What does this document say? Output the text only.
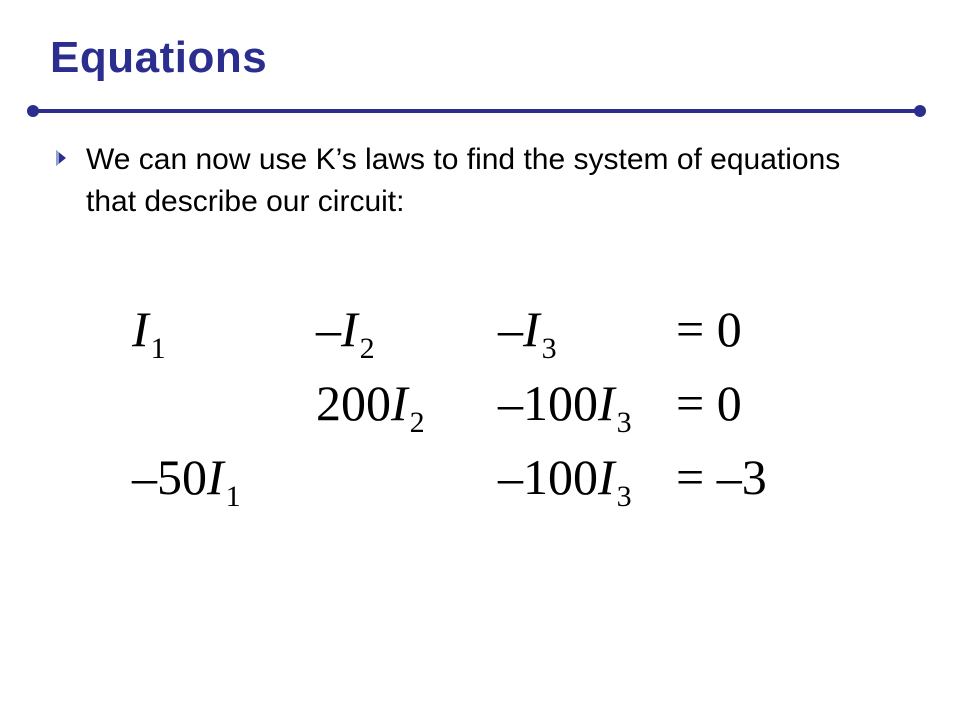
Equations
We can now use K’s laws to find the system of equations that describe our circuit:
$I_1$	$-I_2$ $-I_3 = 0$
$200I_2$ $-100I_3 = 0$
$-50I_1$	$-100I_3 = -3$
